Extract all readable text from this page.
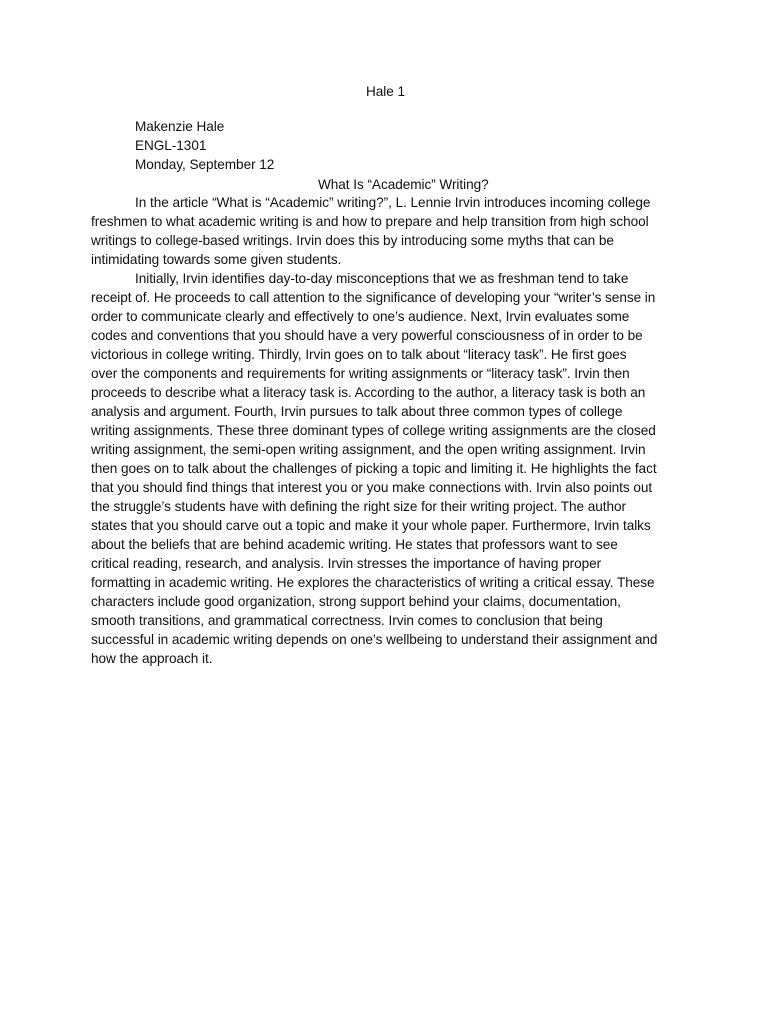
Hale 1
Makenzie Hale
ENGL-1301
Monday, September 12
What Is “Academic” Writing?
In the article “What is “Academic” writing?”, L. Lennie Irvin introduces incoming college
freshmen to what academic writing is and how to prepare and help transition from high school
writings to college-based writings. Irvin does this by introducing some myths that can be
intimidating towards some given students.
Initially, Irvin identifies day-to-day misconceptions that we as freshman tend to take
receipt of. He proceeds to call attention to the significance of developing your “writer’s sense in
order to communicate clearly and effectively to one’s audience. Next, Irvin evaluates some
codes and conventions that you should have a very powerful consciousness of in order to be
victorious in college writing. Thirdly, Irvin goes on to talk about “literacy task”. He first goes
over the components and requirements for writing assignments or “literacy task”. Irvin then
proceeds to describe what a literacy task is. According to the author, a literacy task is both an
analysis and argument. Fourth, Irvin pursues to talk about three common types of college
writing assignments. These three dominant types of college writing assignments are the closed
writing assignment, the semi-open writing assignment, and the open writing assignment. Irvin
then goes on to talk about the challenges of picking a topic and limiting it. He highlights the fact
that you should find things that interest you or you make connections with. Irvin also points out
the struggle’s students have with defining the right size for their writing project. The author
states that you should carve out a topic and make it your whole paper. Furthermore, Irvin talks
about the beliefs that are behind academic writing. He states that professors want to see
critical reading, research, and analysis. Irvin stresses the importance of having proper
formatting in academic writing. He explores the characteristics of writing a critical essay. These
characters include good organization, strong support behind your claims, documentation,
smooth transitions, and grammatical correctness. Irvin comes to conclusion that being
successful in academic writing depends on one’s wellbeing to understand their assignment and
how the approach it.
